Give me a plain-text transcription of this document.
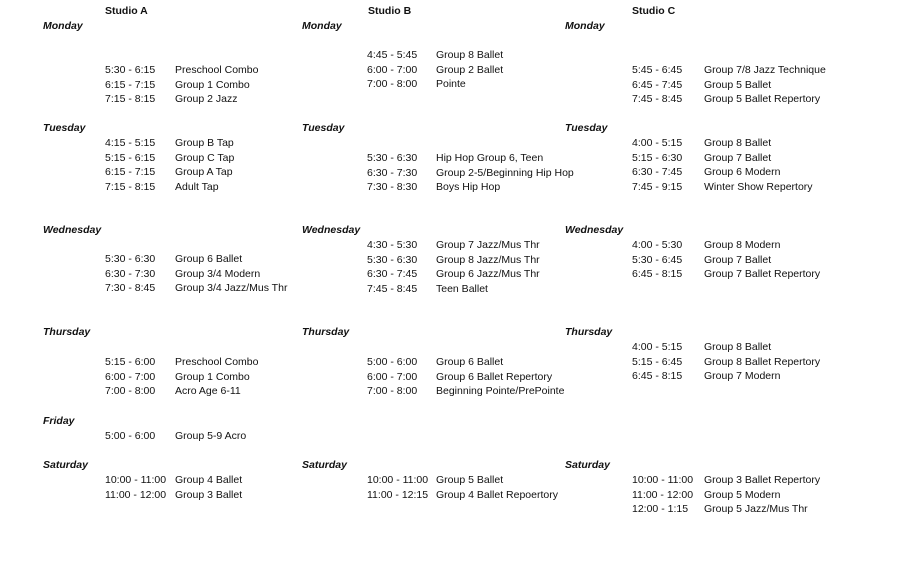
Studio A	Studio B	Studio C
Monday
Tuesday
Wednesday
Thursday
Friday
Saturday
5:30 - 6:15 Preschool Combo
6:15 - 7:15 Group 1 Combo
7:15 - 8:15 Group 2 Jazz
4:15 - 5:15 Group B Tap
5:15 - 6:15 Group C Tap
6:15 - 7:15 Group A Tap
7:15 - 8:15 Adult Tap
5:30 - 6:30 Group 6 Ballet
6:30 - 7:30 Group 3/4 Modern
7:30 - 8:45 Group 3/4 Jazz/Mus Thr
5:15 - 6:00 Preschool Combo
6:00 - 7:00 Group 1 Combo
7:00 - 8:00 Acro Age 6-11
5:00 - 6:00 Group 5-9 Acro
10:00 - 11:00 Group 4 Ballet
11:00 - 12:00 Group 3 Ballet
Monday
Tuesday
Wednesday
Thursday
Saturday
4:45 - 5:45 Group 8 Ballet
6:00 - 7:00 Group 2 Ballet
7:00 - 8:00 Pointe
5:30 - 6:30 Hip Hop Group 6, Teen
6:30 - 7:30 Group 2-5/Beginning Hip Hop
7:30 - 8:30 Boys Hip Hop
4:30 - 5:30 Group 7 Jazz/Mus Thr
5:30 - 6:30 Group 8 Jazz/Mus Thr
6:30 - 7:45 Group 6 Jazz/Mus Thr
7:45 - 8:45 Teen Ballet
5:00 - 6:00 Group 6 Ballet
6:00 - 7:00 Group 6 Ballet Repertory
7:00 - 8:00 Beginning Pointe/PrePointe
10:00 - 11:00 Group 5 Ballet
11:00 - 12:15 Group 4 Ballet Repoertory
Monday
Tuesday
Wednesday
Thursday
Saturday
5:45 - 6:45 Group 7/8 Jazz Technique
6:45 - 7:45 Group 5 Ballet
7:45 - 8:45 Group 5 Ballet Repertory
4:00 - 5:15 Group 8 Ballet
5:15 - 6:30 Group 7 Ballet
6:30 - 7:45 Group 6 Modern
7:45 - 9:15 Winter Show Repertory
4:00 - 5:30 Group 8 Modern
5:30 - 6:45 Group 7 Ballet
6:45 - 8:15 Group 7 Ballet Repertory
4:00 - 5:15 Group 8 Ballet
5:15 - 6:45 Group 8 Ballet Repertory
6:45 - 8:15 Group 7 Modern
10:00 - 11:00 Group 3 Ballet Repertory
11:00 - 12:00 Group 5 Modern
12:00 - 1:15 Group 5 Jazz/Mus Thr
